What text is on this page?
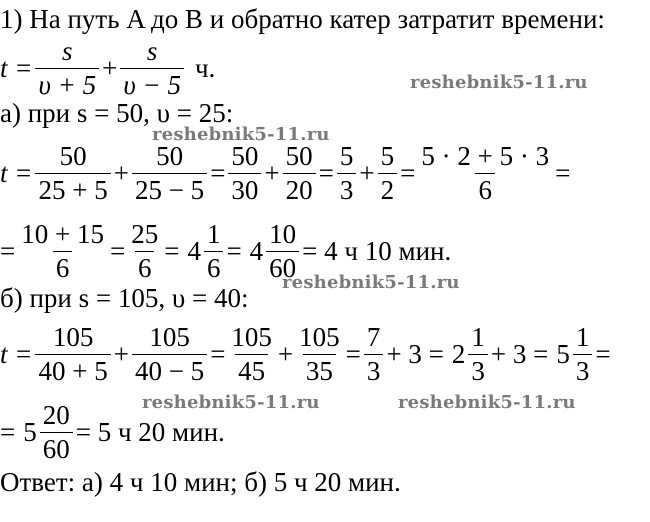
1) На путь A до B и обратно катер затратит времени:
$t = \frac{s}{\upsilon + 5} + \frac{s}{\upsilon - 5} ч$.
а) при s = 50, υ = 25:
$t = \frac{50}{25 + 5} + \frac{50}{25 - 5} = \frac{50}{30} + \frac{50}{20} = \frac{5}{3} + \frac{5}{2} = \frac{5 \cdot 2 + 5 \cdot 3}{6}$ =
= $\frac{10 + 15}{6} = \frac{25}{6} = 4 \frac{1}{6} = 4 \frac{10}{60} = 4$ ч 10 мин.
б) при s = 105, υ = 40:
$t = \frac{105}{40 + 5} + \frac{105}{40 - 5} = \frac{105}{45} + \frac{105}{35} = \frac{7}{3} + 3 = 2 \frac{1}{3} + 3 = 5 \frac{1}{3}$ =
= $5 \frac{20}{60} = 5$ ч 20 мин.
Ответ: а) 4 ч 10 мин; б) 5 ч 20 мин.
reshebnik5-11.ru
reshebnik5-11.ru
reshebnik5-11.ru
reshebnik5-11.ru	reshebnik5-11.ru
